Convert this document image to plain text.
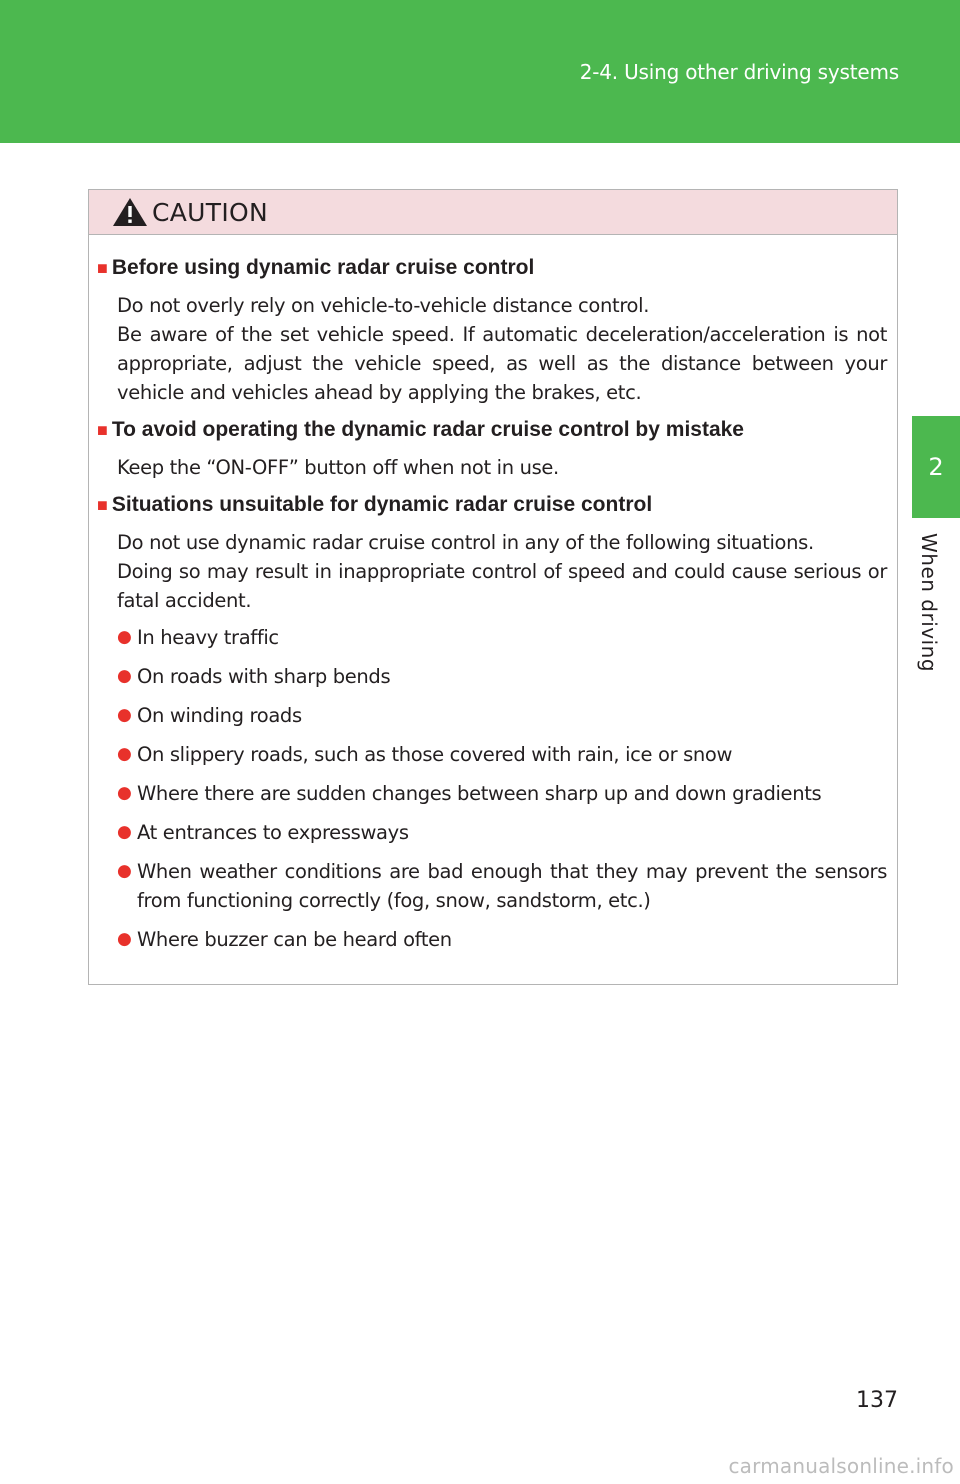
2-4. Using other driving systems
2
When driving
CAUTION
■ Before using dynamic radar cruise control
Do not overly rely on vehicle-to-vehicle distance control.
Be aware of the set vehicle speed. If automatic deceleration/acceleration is not appropriate, adjust the vehicle speed, as well as the distance between your vehicle and vehicles ahead by applying the brakes, etc.
■ To avoid operating the dynamic radar cruise control by mistake
Keep the “ON-OFF” button off when not in use.
■ Situations unsuitable for dynamic radar cruise control
Do not use dynamic radar cruise control in any of the following situations.
Doing so may result in inappropriate control of speed and could cause serious or fatal accident.
● In heavy traffic
● On roads with sharp bends
● On winding roads
● On slippery roads, such as those covered with rain, ice or snow
● Where there are sudden changes between sharp up and down gradients
● At entrances to expressways
● When weather conditions are bad enough that they may prevent the sensors from functioning correctly (fog, snow, sandstorm, etc.)
● Where buzzer can be heard often
137
carmanualsonline.info
